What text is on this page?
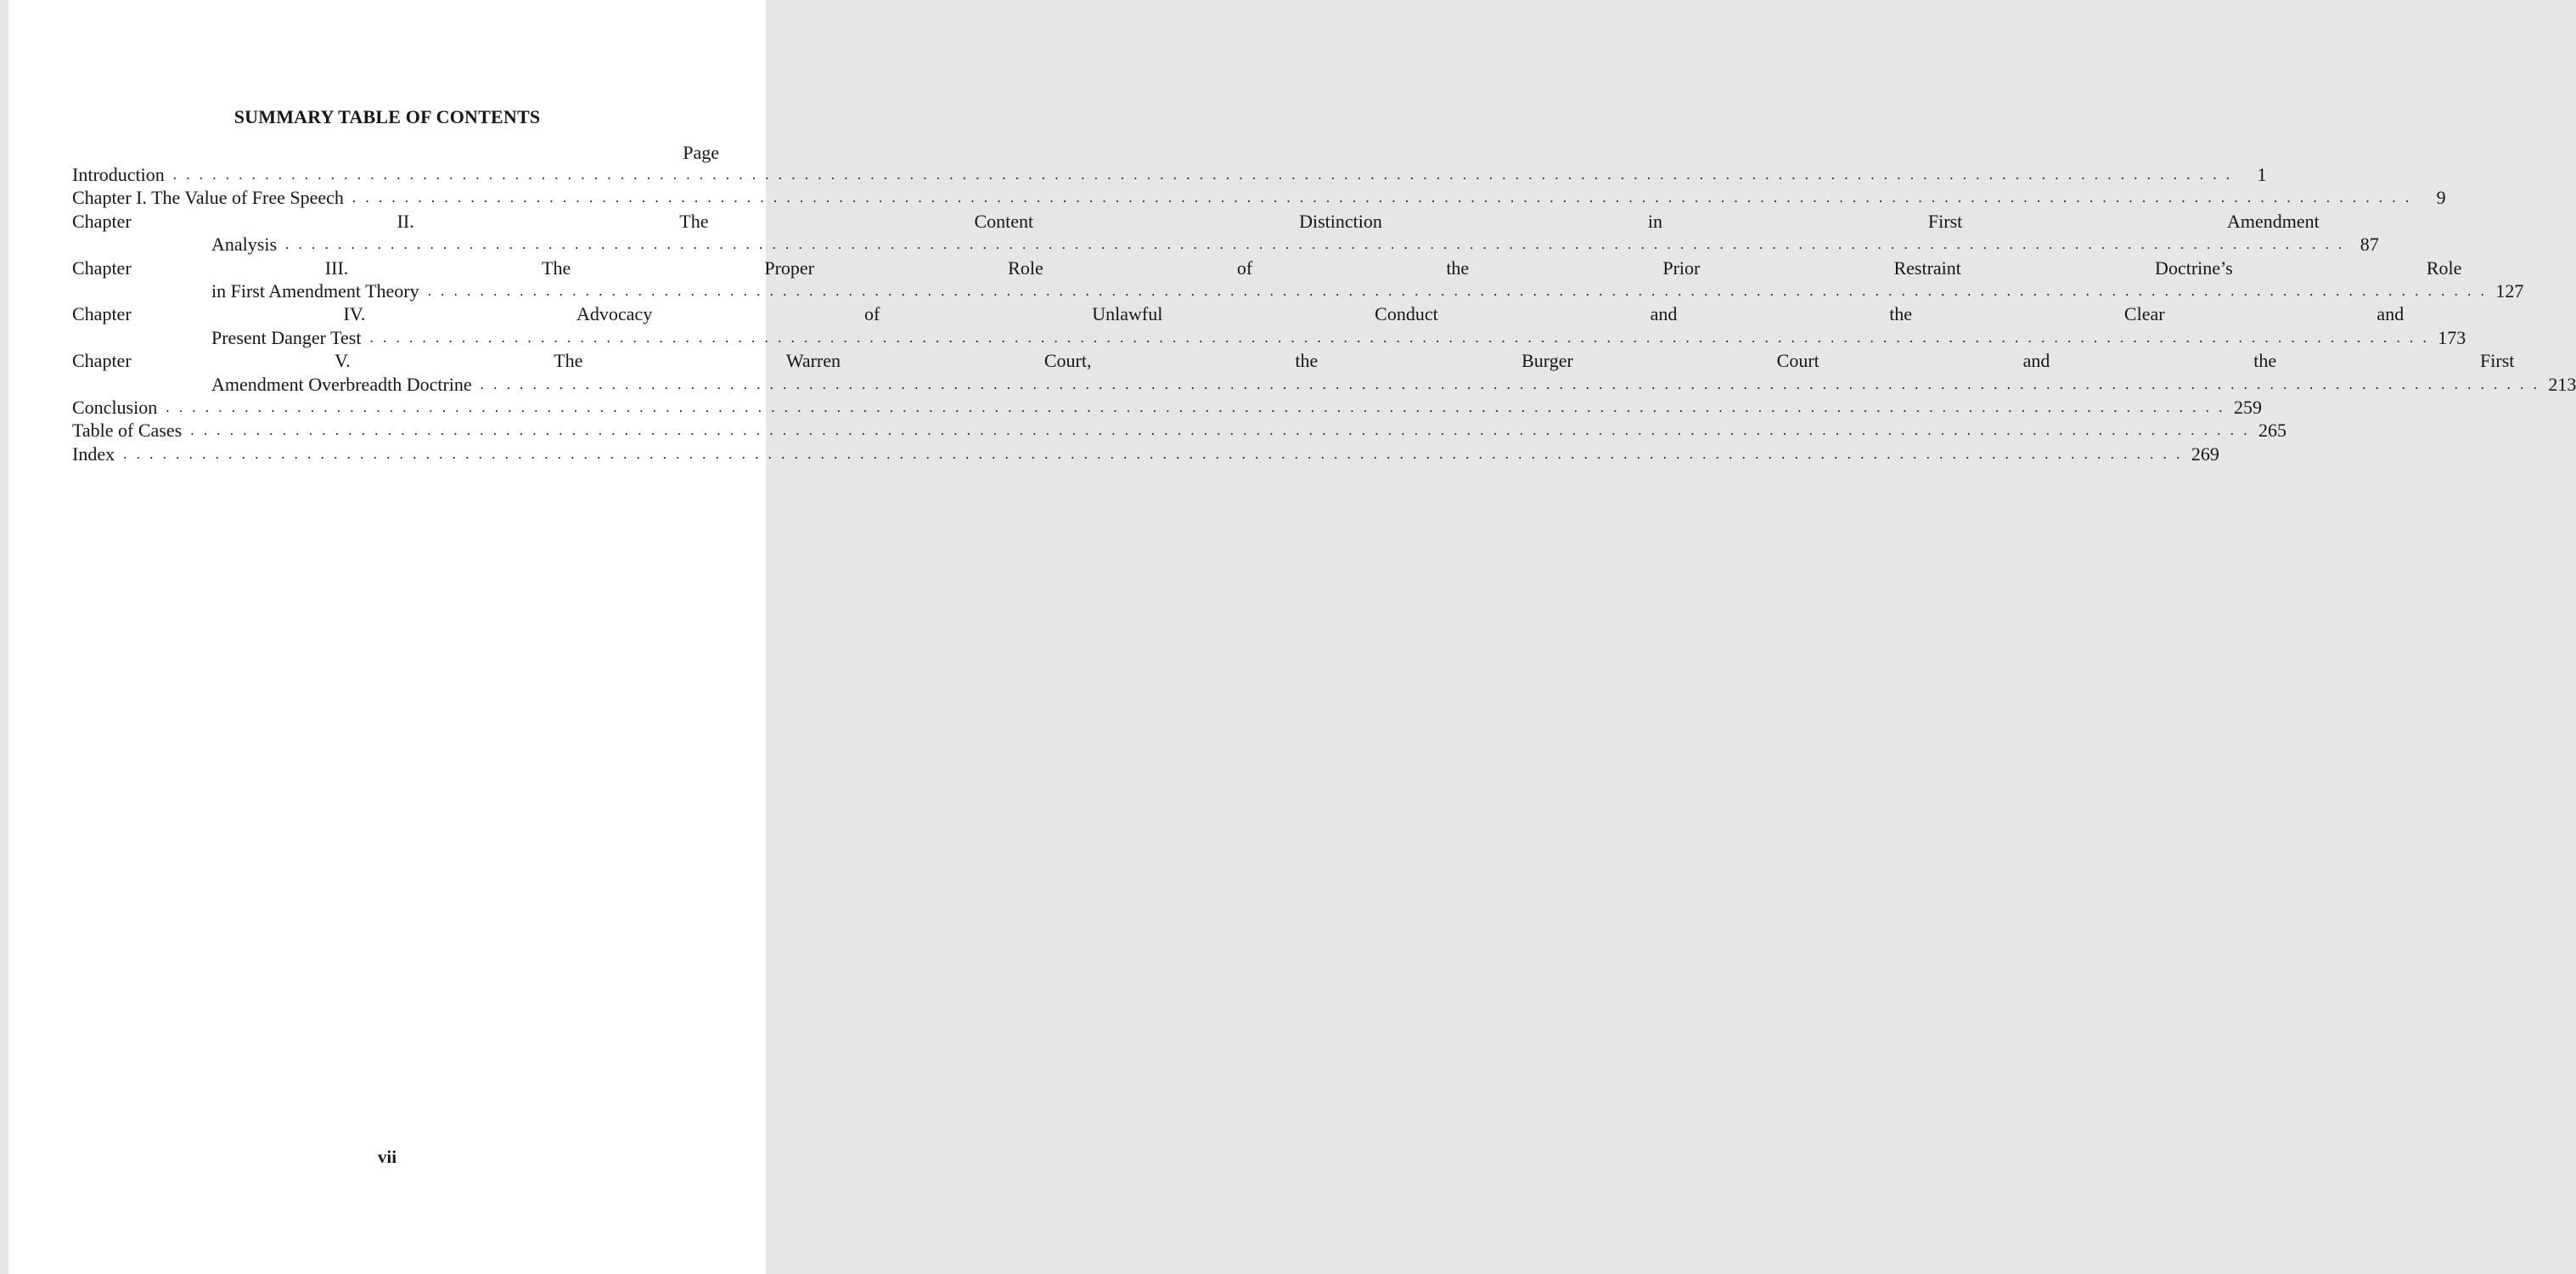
SUMMARY TABLE OF CONTENTS
Page
Introduction . . .	1
Chapter I. The Value of Free Speech . . .	9
Chapter II. The Content Distinction in First Amendment
Analysis . . .	87
Chapter III. The Proper Role of the Prior Restraint Doctrine’s Role
in First Amendment Theory . . .	127
Chapter IV. Advocacy of Unlawful Conduct and the Clear and
Present Danger Test . . .	173
Chapter V. The Warren Court, the Burger Court and the First
Amendment Overbreadth Doctrine . . .	213
Conclusion . . .	259
Table of Cases . . .	265
Index . . .	269
vii
